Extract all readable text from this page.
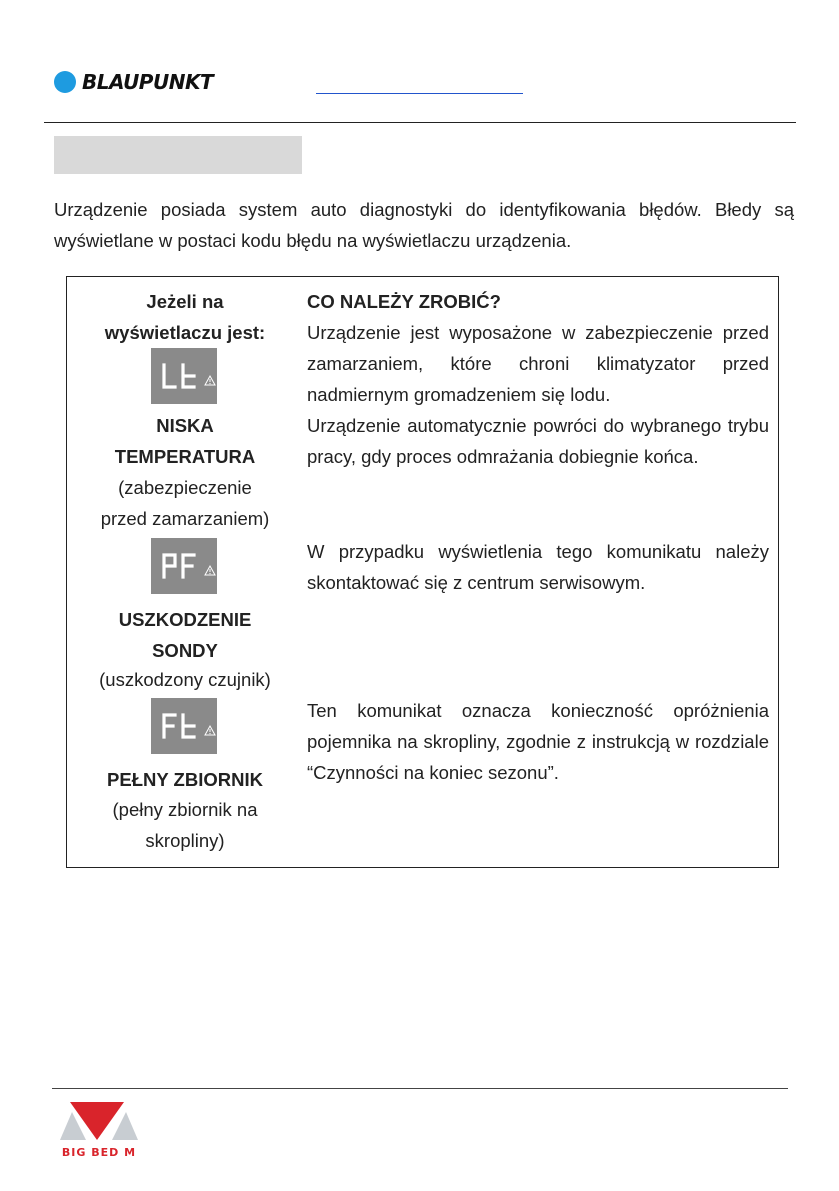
BLAUPUNKT

Urządzenie posiada system auto diagnostyki do identyfikowania błędów. Błedy są wyświetlane w postaci kodu błędu na wyświetlaczu urządzenia.

Jeżeli na
wyświetlaczu jest:
NISKA
TEMPERATURA
(zabezpieczenie
przed zamarzaniem)
USZKODZENIE
SONDY
(uszkodzony czujnik)
PEŁNY ZBIORNIK
(pełny zbiornik na
skropliny)
CO NALEŻY ZROBIĆ?

Urządzenie jest wyposażone w zabezpieczenie przed zamarzaniem, które chroni klimatyzator przed nadmiernym gromadzeniem się lodu.

Urządzenie automatycznie powróci do wybranego trybu pracy, gdy proces odmrażania dobiegnie końca.

W przypadku wyświetlenia tego komunikatu należy skontaktować się z centrum serwisowym.

Ten komunikat oznacza konieczność opróżnienia pojemnika na skropliny, zgodnie z instrukcją w rozdziale “Czynności na koniec sezonu”.

BIG BED M
